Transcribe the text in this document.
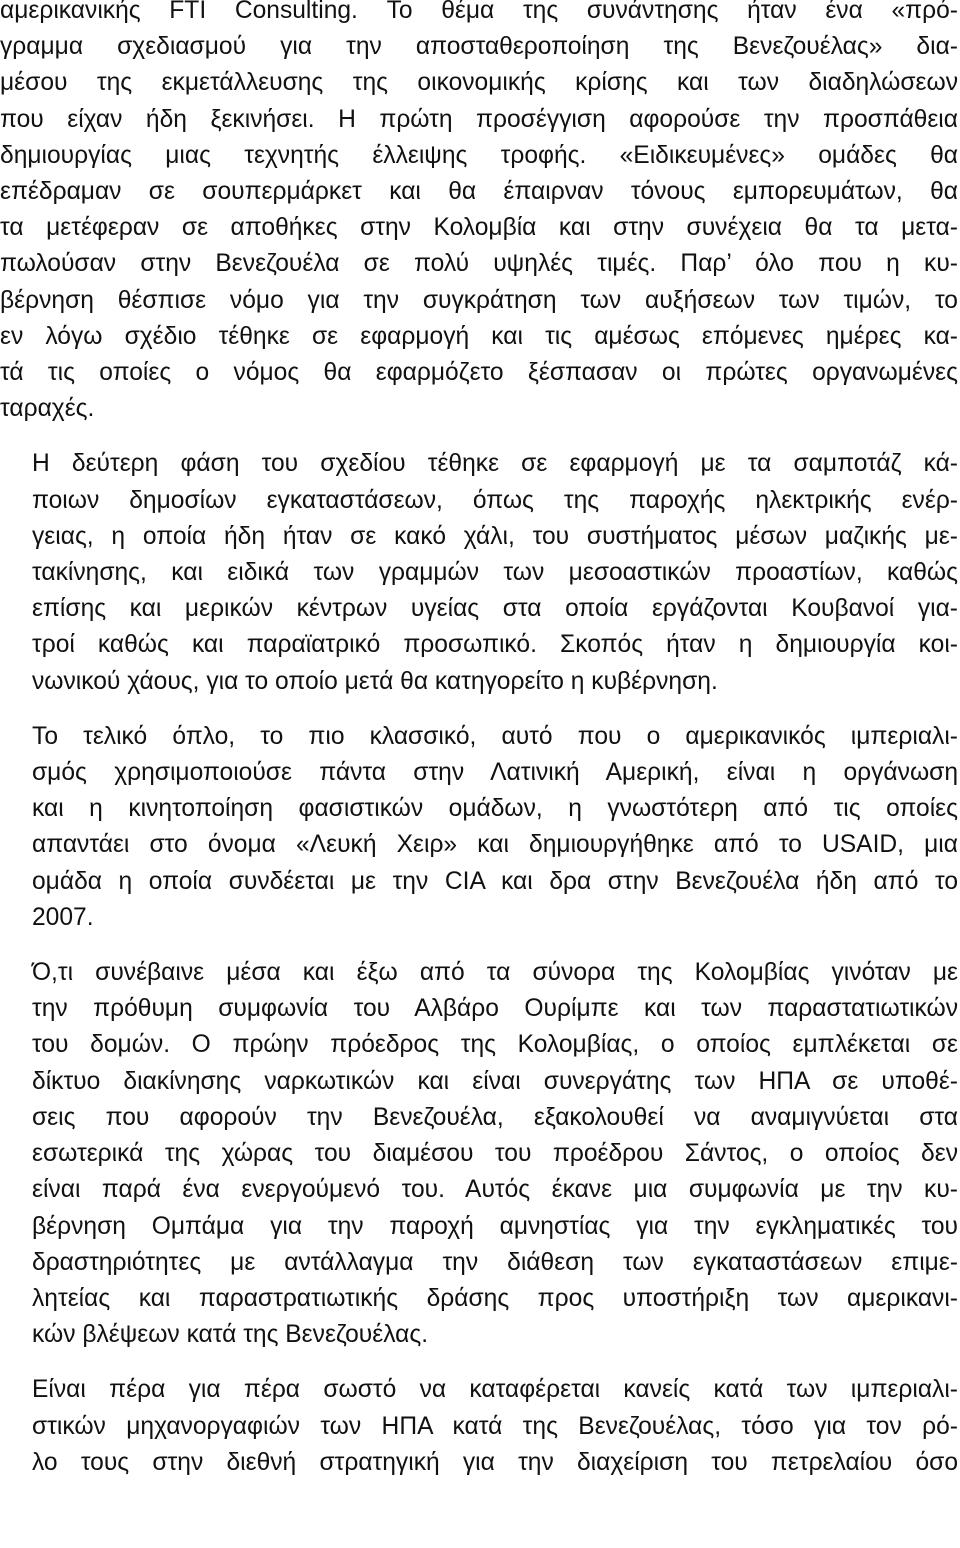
αμερικανικής FTI Consulting. Το θέμα της συνάντησης ήταν ένα «πρό-
γραμμα σχεδιασμού για την αποσταθεροποίηση της Βενεζουέλας» δια-
μέσου της εκμετάλλευσης της οικονομικής κρίσης και των διαδηλώσεων
που είχαν ήδη ξεκινήσει. Η πρώτη προσέγγιση αφορούσε την προσπάθεια
δημιουργίας μιας τεχνητής έλλειψης τροφής. «Ειδικευμένες» ομάδες θα
επέδραμαν σε σουπερμάρκετ και θα έπαιρναν τόνους εμπορευμάτων, θα
τα μετέφεραν σε αποθήκες στην Κολομβία και στην συνέχεια θα τα μετα-
πωλούσαν στην Βενεζουέλα σε πολύ υψηλές τιμές. Παρ’ όλο που η κυ-
βέρνηση θέσπισε νόμο για την συγκράτηση των αυξήσεων των τιμών, το
εν λόγω σχέδιο τέθηκε σε εφαρμογή και τις αμέσως επόμενες ημέρες κα-
τά τις οποίες ο νόμος θα εφαρμόζετο ξέσπασαν οι πρώτες οργανωμένες
ταραχές.

Η δεύτερη φάση του σχεδίου τέθηκε σε εφαρμογή με τα σαμποτάζ κά-
ποιων δημοσίων εγκαταστάσεων, όπως της παροχής ηλεκτρικής ενέρ-
γειας, η οποία ήδη ήταν σε κακό χάλι, του συστήματος μέσων μαζικής με-
τακίνησης, και ειδικά των γραμμών των μεσοαστικών προαστίων, καθώς
επίσης και μερικών κέντρων υγείας στα οποία εργάζονται Κουβανοί για-
τροί καθώς και παραϊατρικό προσωπικό. Σκοπός ήταν η δημιουργία κοι-
νωνικού χάους, για το οποίο μετά θα κατηγορείτο η κυβέρνηση.

Το τελικό όπλο, το πιο κλασσικό, αυτό που ο αμερικανικός ιμπεριαλι-
σμός χρησιμοποιούσε πάντα στην Λατινική Αμερική, είναι η οργάνωση
και η κινητοποίηση φασιστικών ομάδων, η γνωστότερη από τις οποίες
απαντάει στο όνομα «Λευκή Χειρ» και δημιουργήθηκε από το USAID, μια
ομάδα η οποία συνδέεται με την CIA και δρα στην Βενεζουέλα ήδη από το
2007.

Ό,τι συνέβαινε μέσα και έξω από τα σύνορα της Κολομβίας γινόταν με
την πρόθυμη συμφωνία του Αλβάρο Ουρίμπε και των παραστατιωτικών
του δομών. Ο πρώην πρόεδρος της Κολομβίας, ο οποίος εμπλέκεται σε
δίκτυο διακίνησης ναρκωτικών και είναι συνεργάτης των ΗΠΑ σε υποθέ-
σεις που αφορούν την Βενεζουέλα, εξακολουθεί να αναμιγνύεται στα
εσωτερικά της χώρας του διαμέσου του προέδρου Σάντος, ο οποίος δεν
είναι παρά ένα ενεργούμενό του. Αυτός έκανε μια συμφωνία με την κυ-
βέρνηση Ομπάμα για την παροχή αμνηστίας για την εγκληματικές του
δραστηριότητες με αντάλλαγμα την διάθεση των εγκαταστάσεων επιμε-
λητείας και παραστρατιωτικής δράσης προς υποστήριξη των αμερικανι-
κών βλέψεων κατά της Βενεζουέλας.

Είναι πέρα για πέρα σωστό να καταφέρεται κανείς κατά των ιμπεριαλι-
στικών μηχανοργαφιών των ΗΠΑ κατά της Βενεζουέλας, τόσο για τον ρό-
λο τους στην διεθνή στρατηγική για την διαχείριση του πετρελαίου όσο
